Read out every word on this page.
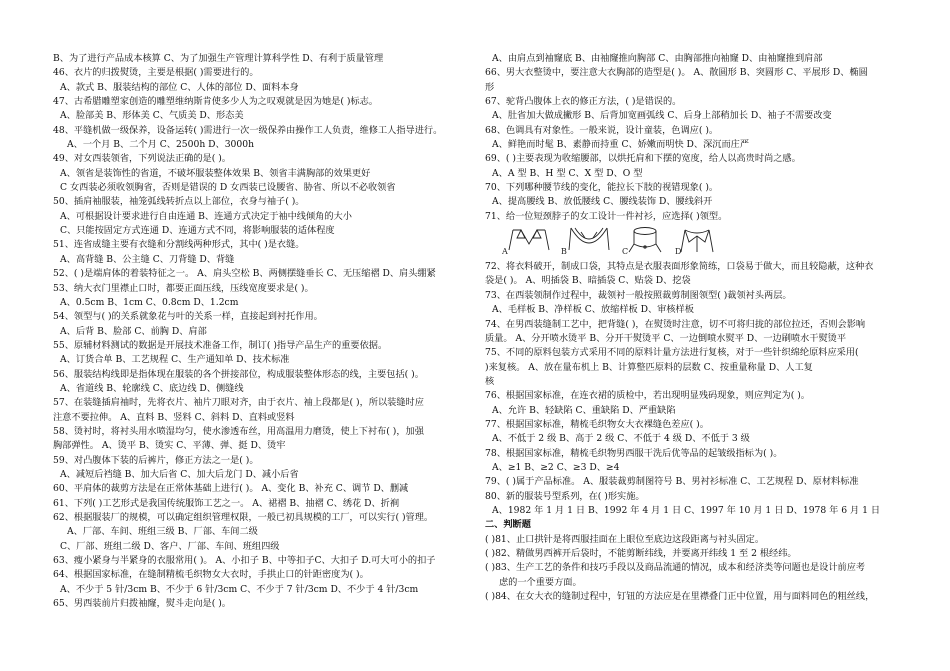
B、为了进行产品成本核算 C、为了加强生产管理计算科学性 D、有利于质量管理
46、衣片的归拨熨烫，主要是根据( )需要进行的。
A、款式 B、服装结构的部位 C、人体的部位 D、面料本身
47、古希腊雕塑家创造的雕塑维纳斯肯使多少人为之叹观就是因为她是( )标志。
A、脸部美 B、形体美 C、气质美 D、形态美
48、平缝机做一级保养，设备运转( )需进行一次一级保养由操作工人负责，维修工人指导进行。
A、一个月 B、二个月 C、2500h D、3000h
49、对女西装领省，下列说法正确的是( )。
A、领省是装饰性的省道，不破坏服装整体效果 B、领省丰满胸部的效果更好
C 女西装必须收领胸省，否则是错误的 D 女西装已设腰省、胁省、所以不必收领省
50、插肩袖服装，袖笼弧线转折点以上部位，衣身与袖子( )。
A、可根据设计要求进行自由连通 B、连通方式决定于袖中线倾角的大小
C、只能按固定方式连通 D、连通方式不同，将影响服装的适体程度
51、连省成缝主要有衣缝和分割线两种形式，其中( )是衣缝。
A、高背缝 B、公主缝 C、刀背缝 D、背缝
52、( )是端肩体的着装特征之一。 A、肩头空松 B、两侧摆缝垂长 C、无压缩褶 D、肩头绷紧
53、纳大衣门里襟止口时，都要正面压线，压线宽度要求是( )。
A、0.5cm B、1cm C、0.8cm D、1.2cm
54、领型与( )的关系就象花与叶的关系一样，直接起到衬托作用。
A、后背 B、脸部 C、前胸 D、肩部
55、原辅材料测试的数据是开展技术准备工作，制订( )指导产品生产的重要依据。
A、订货合单 B、工艺规程 C、生产通知单 D、技术标准
56、服装结构线即是指体现在服装的各个拼接部位，构成服装整体形态的线，主要包括( )。
A、省道线 B、轮廓线 C、底边线 D、侧缝线
57、在装缝插肩袖时，先将衣片、袖片刀眼对齐，由于衣片、袖上段都是( )，所以装缝时应
注意不要拉伸。 A、直料 B、竖料 C、斜料 D、直料或竖料
58、烫衬时，将衬头用水喷湿均匀，使水渗透布丝，用高温用力磨烫，使上下衬布( )，加强
胸部弹性。 A、烫平 B、烫实 C、平薄、弹、挺 D、烫牢
59、对凸腹体下装的后裤片，修正方法之一是( )。
A、减短后裆缝 B、加大后省 C、加大后龙门 D、减小后省
60、平肩体的裁剪方法是在正常体基础上进行( )。 A、变化 B、补充 C、调节 D、删减
61、下列( )工艺形式是我国传统服饰工艺之一。 A、裙褶 B、抽褶 C、绣花 D、折裥
62、根据服装厂的规模，可以确定组织管理权限，一般已初具规模的工厂，可以实行( )管理。
A、厂部、车间、班组三级 B、厂部、车间二级
C、厂部、班组二级 D、客户、厂部、车间、班组四级
63、瘦小紧身与半紧身的衣服常用( )。 A、小扣子 B、中等扣子C、大扣子 D.可大可小的扣子
64、根据国家标准，在缝制精梳毛织物女大衣时，手拱止口的针距密度为( )。
A、不少于 5 针/3cm B、不少于 6 针/3cm C、不少于 7 针/3cm D、不少于 4 针/3cm
65、男西装前片归拨袖窿，熨斗走向是( )。
A、由肩点到袖窿底 B、由袖窿推向胸部 C、由胸部推向袖窿 D、由袖窿推到肩部
66、男大衣整烫中，要注意大衣胸部的造型是( )。 A、散圆形 B、突圆形 C、平展形 D、椭圆
形
67、驼背凸腹体上衣的修正方法，( )是错误的。
A、肚省加大做成撇形 B、后背加宽画弧线 C、后身上部稍加长 D、袖子不需要改变
68、色调具有对象性。一般来说，设计童装，色调应( )。
A、鲜艳而时髦 B、素静而持重 C、娇嫩而明快 D、深沉而庄严
69、( )主要表现为收缩腰部，以烘托肩和下摆的宽度，给人以高贵时尚之感。
A、A 型 B、H 型 C、X 型 D、O 型
70、下列哪种腰节线的变化，能拉长下肢的视错现象( )。
A、提高腰线 B、放低腰线 C、腰线装饰 D、腰线斜开
71、给一位短颈脖子的女工设计一件衬衫，应选择( )领型。
A	B	C	D
72、将衣料破开，制成口袋，其特点是衣服表面形象简练，口袋易于做大，而且较隐蔽，这种衣
袋是( )。 A、明插袋 B、暗插袋 C、贴袋 D、挖袋
73、在西装领制作过程中，裁领衬一般按照裁剪制图领型( )裁领衬头两层。
A、毛样板 B、净样板 C、放缩样板 D、审核样板
74、在男西装缝制工艺中，把背缝( )，在熨烫时注意，切不可将归拢的部位拉还，否则会影响
质量。 A、分开喷水烫平 B、分开干熨烫平 C、一边倒喷水熨平 D、一边刷喷水干熨烫平
75、不同的原料包装方式采用不同的原料计量方法进行复核，对于一些针织绵纶原料应采用(
)来复核。 A、放在量布机上 B、计算整匹原料的层数 C、按重量称量 D、人工复
核
76、根据国家标准，在连衣裙的质检中，若出现明显残码现象，则应判定为( )。
A、允许 B、轻缺陷 C、重缺陷 D、严重缺陷
77、根据国家标准，精梳毛织物女大衣裸缝色差应( )。
A、不低于 2 级 B、高于 2 级 C、不低于 4 级 D、不低于 3 级
78、根据国家标准，精梳毛织物男西服干洗后优等品的起皱级指标为( )。
A、≥1 B、≥2 C、≥3 D、≥4
79、( )属于产品标准。 A、服装裁剪制图符号 B、男衬衫标准 C、工艺规程 D、原材料标准
80、新的服装号型系列，在( )形实施。
A、1982 年 1 月 1 日 B、1992 年 4 月 1 日 C、1997 年 10 月 1 日 D、1978 年 6 月 1 日
二、判断题
( )81、止口拱针是将西服挂面在上眼位至底边这段距离与衬头固定。
( )82、精做男西裤开后袋时，不能剪断纬线，并要离开纬线 1 至 2 根经纬。
( )83、生产工艺的条件和技巧手段以及商品流通的情况，成本和经济类等问题也是设计前应考
虑的一个重要方面。
( )84、在女大衣的缝制过程中，钉钮的方法应是在里襟叠门正中位置，用与面料同色的粗丝线，
